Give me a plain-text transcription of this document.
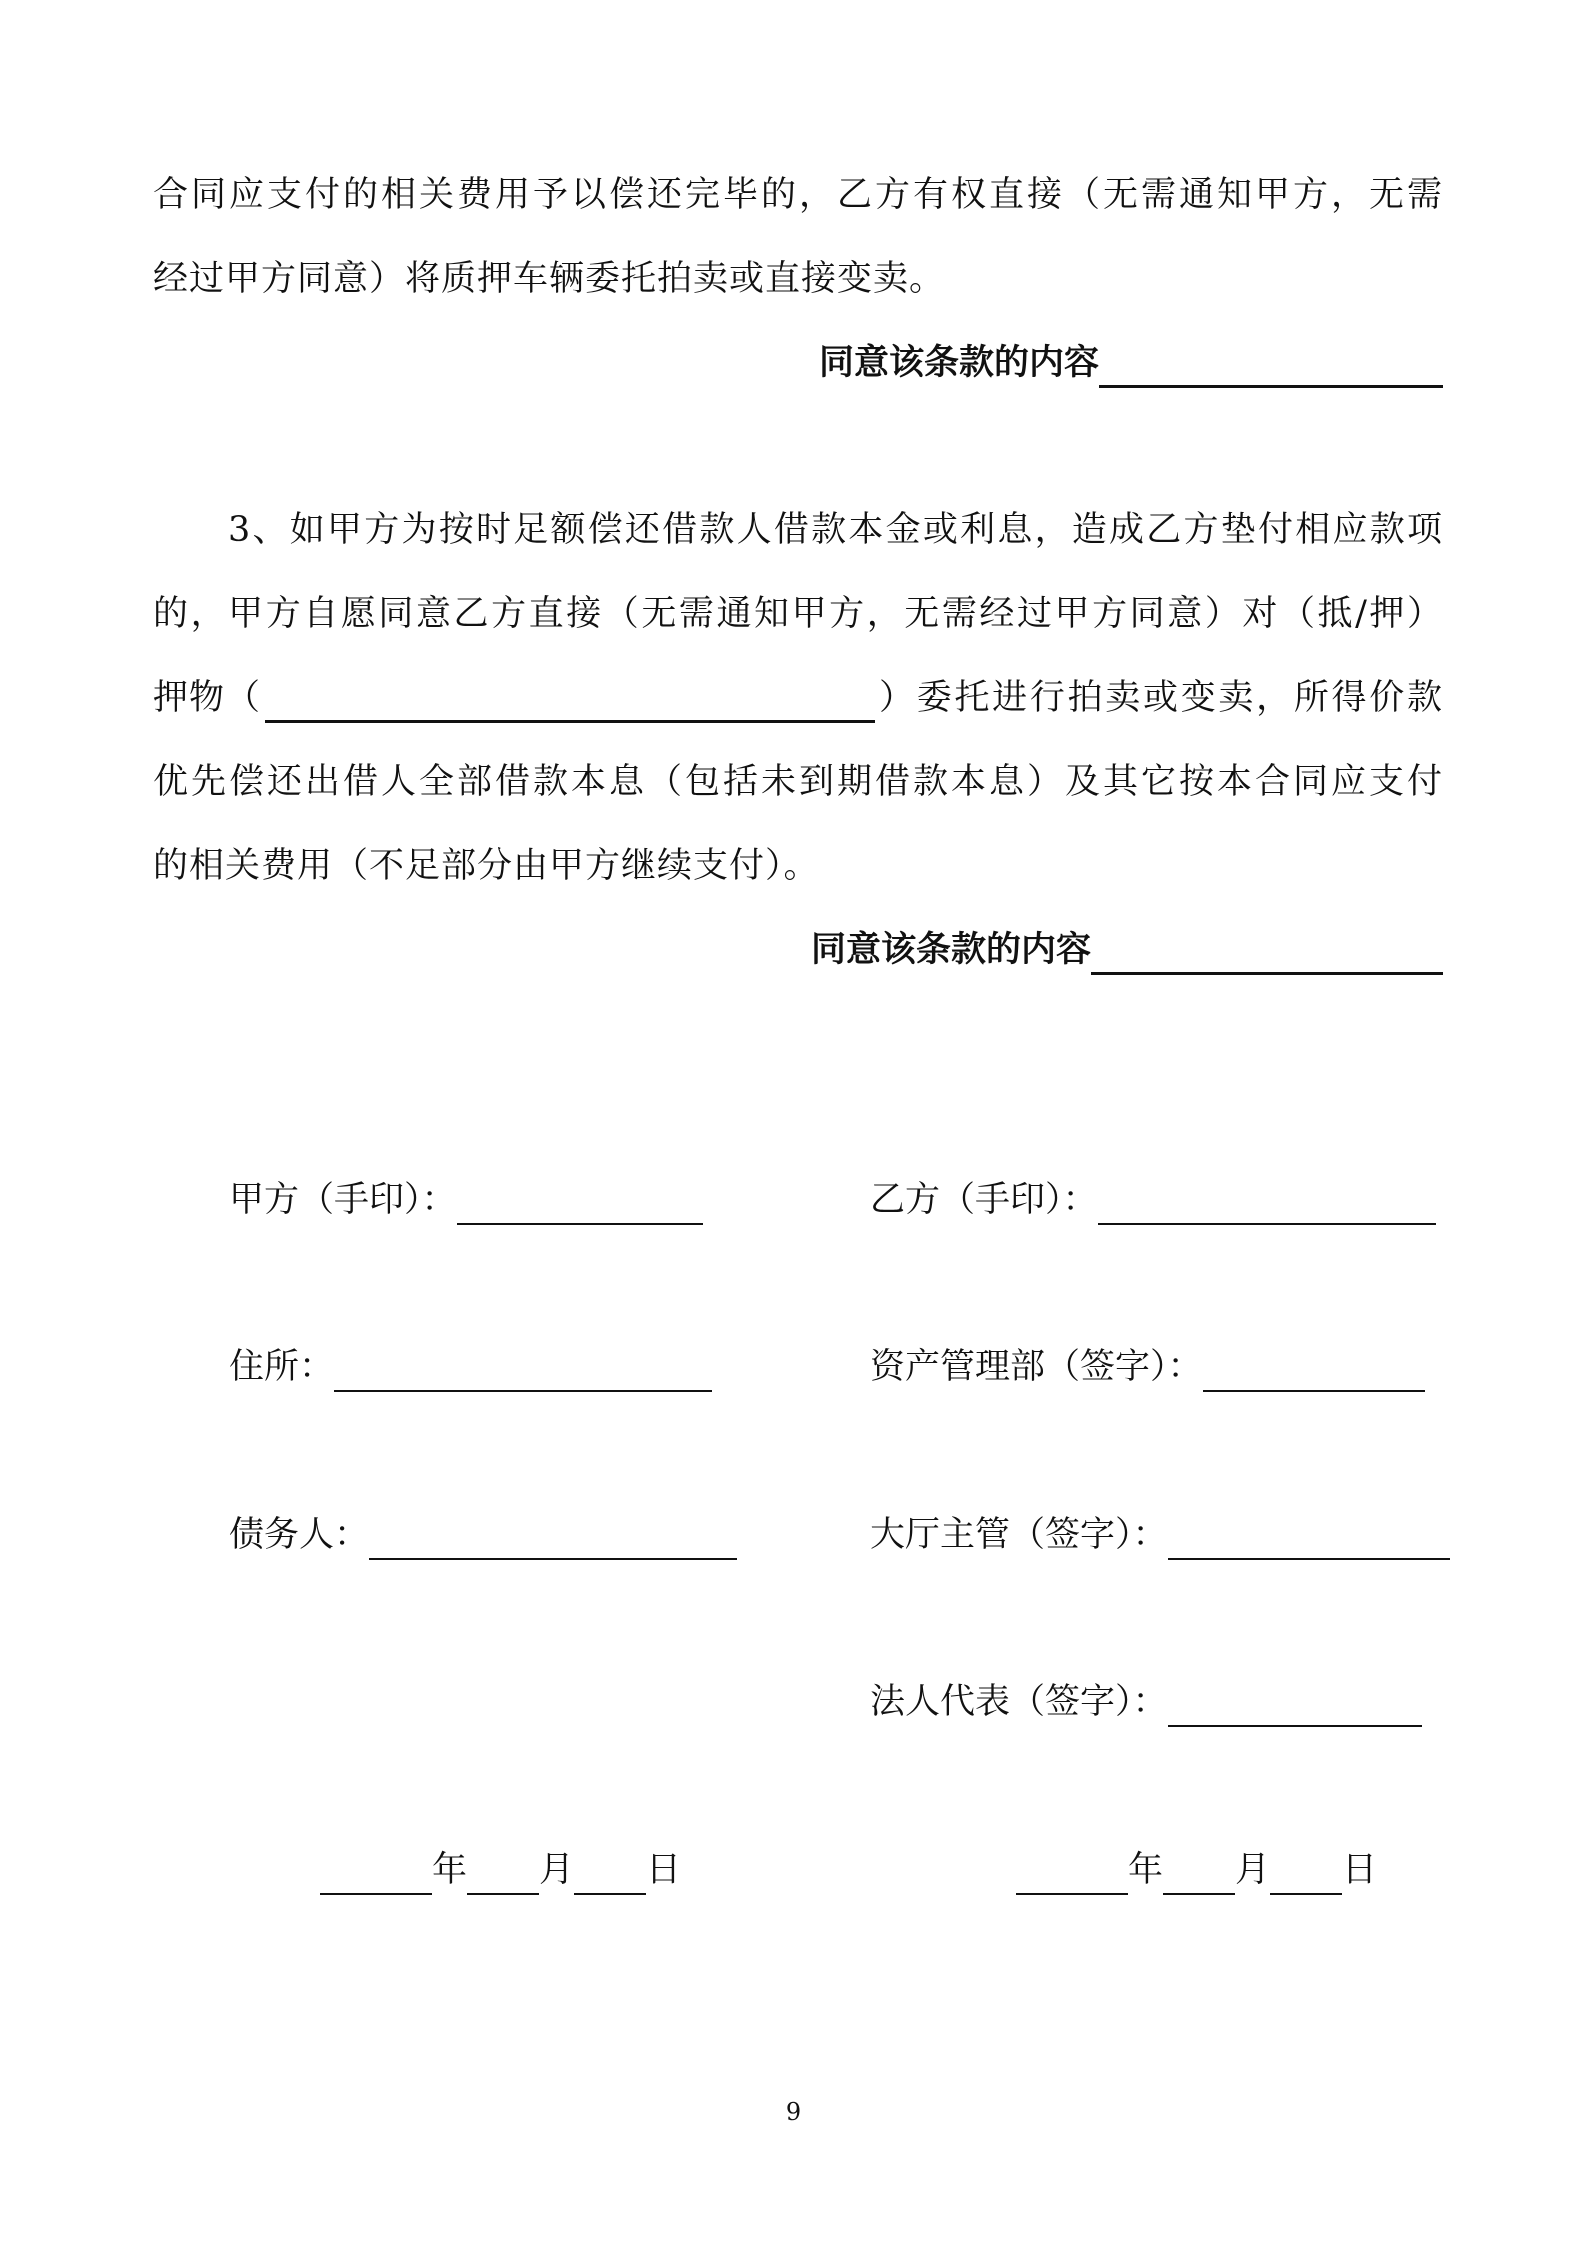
合同应支付的相关费用予以偿还完毕的，乙方有权直接（无需通知甲方，无需
经过甲方同意）将质押车辆委托拍卖或直接变卖。
同意该条款的内容
3、如甲方为按时足额偿还借款人借款本金或利息，造成乙方垫付相应款项
的，甲方自愿同意乙方直接（无需通知甲方，无需经过甲方同意）对（抵/押）
押物（	）委托进行拍卖或变卖，所得价款
优先偿还出借人全部借款本息（包括未到期借款本息）及其它按本合同应支付
的相关费用（不足部分由甲方继续支付）。
同意该条款的内容
甲方（手印）：
住所：
债务人：
乙方（手印）：
资产管理部（签字）：
大厅主管（签字）：
法人代表（签字）：
年 月 日	年 月 日
9
